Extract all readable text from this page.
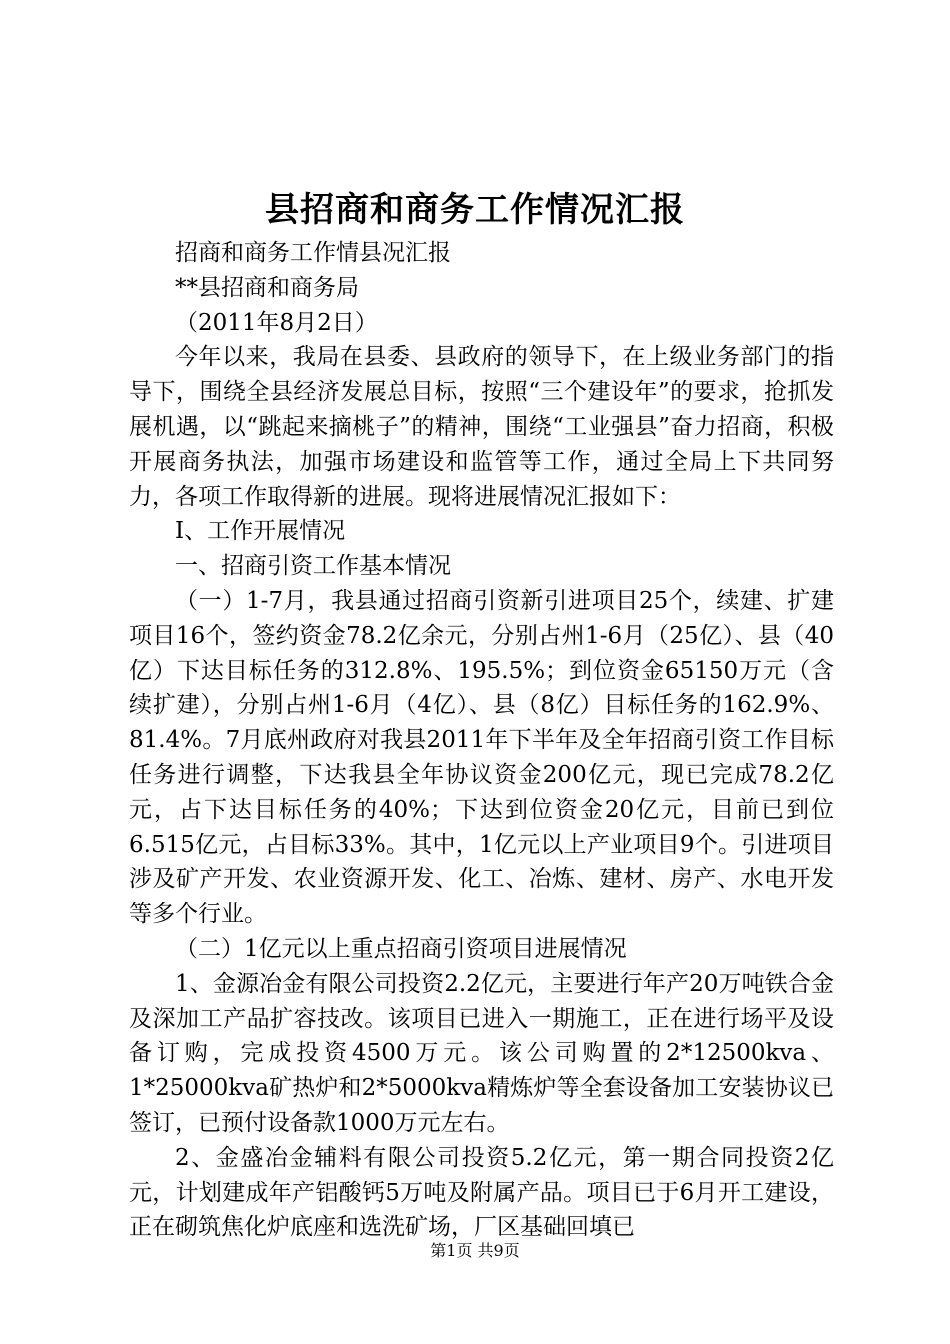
县招商和商务工作情况汇报

招商和商务工作情县况汇报

**县招商和商务局

（2011年8月2日）

今年以来，我局在县委、县政府的领导下，在上级业务部门的指导下，围绕全县经济发展总目标，按照“三个建设年”的要求，抢抓发展机遇，以“跳起来摘桃子”的精神，围绕“工业强县”奋力招商，积极开展商务执法，加强市场建设和监管等工作，通过全局上下共同努力，各项工作取得新的进展。现将进展情况汇报如下：

Ⅰ、工作开展情况

一、招商引资工作基本情况

（一）1-7月，我县通过招商引资新引进项目25个，续建、扩建项目16个，签约资金78.2亿余元，分别占州1-6月（25亿）、县（40亿）下达目标任务的312.8%、195.5%；到位资金65150万元（含续扩建），分别占州1-6月（4亿）、县（8亿）目标任务的162.9%、81.4%。7月底州政府对我县2011年下半年及全年招商引资工作目标任务进行调整，下达我县全年协议资金200亿元，现已完成78.2亿元，占下达目标任务的40%；下达到位资金20亿元，目前已到位6.515亿元，占目标33%。其中，1亿元以上产业项目9个。引进项目涉及矿产开发、农业资源开发、化工、冶炼、建材、房产、水电开发等多个行业。

（二）1亿元以上重点招商引资项目进展情况

1、金源冶金有限公司投资2.2亿元，主要进行年产20万吨铁合金及深加工产品扩容技改。该项目已进入一期施工，正在进行场平及设备订购，完成投资4500万元。该公司购置的2*12500kva、1*25000kva矿热炉和2*5000kva精炼炉等全套设备加工安装协议已签订，已预付设备款1000万元左右。

2、金盛冶金辅料有限公司投资5.2亿元，第一期合同投资2亿元，计划建成年产铝酸钙5万吨及附属产品。项目已于6月开工建设，正在砌筑焦化炉底座和选洗矿场，厂区基础回填已

第1页 共9页
